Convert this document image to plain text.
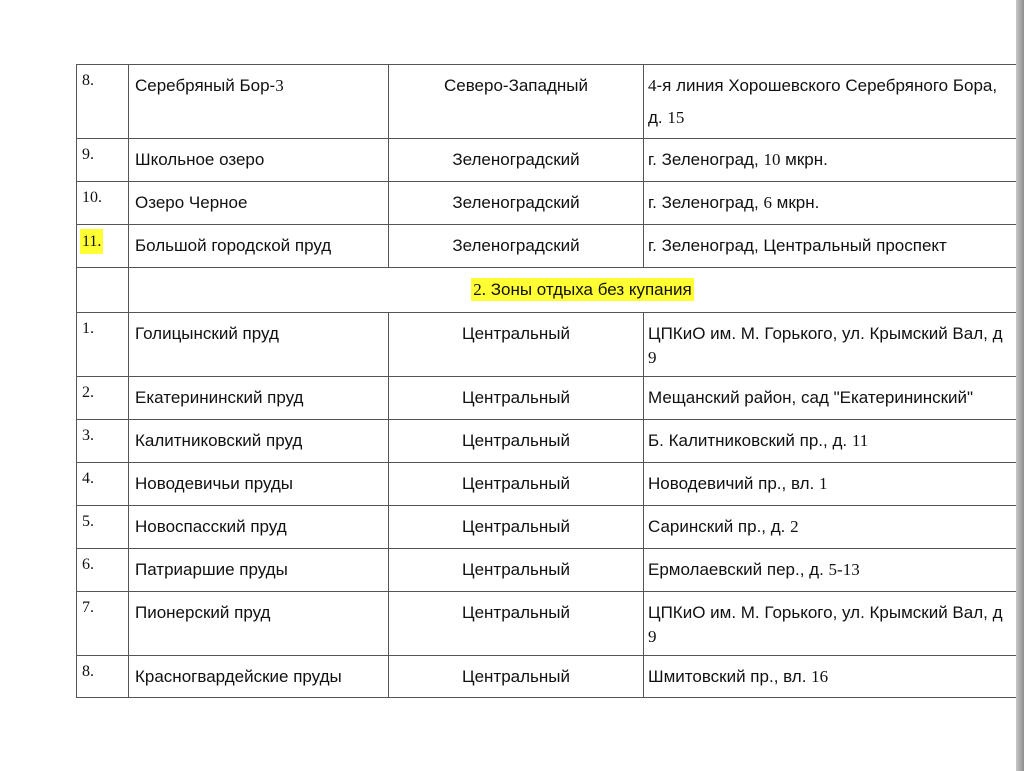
8.	Серебряный Бор-3	Северо-Западный	4-я линия Хорошевского Серебряного Бора,
д. 15

9.	Школьное озеро	Зеленоградский	г. Зеленоград, 10 мкрн.

10.	Озеро Черное	Зеленоградский	г. Зеленоград, 6 мкрн.

11.	Большой городской пруд	Зеленоградский	г. Зеленоград, Центральный проспект

	2. Зоны отдыха без купания		

1.	Голицынский пруд	Центральный	ЦПКиО им. М. Горького, ул. Крымский Вал, д
9

2.	Екатерининский пруд	Центральный	Мещанский район, сад "Екатерининский"

3.	Калитниковский пруд	Центральный	Б. Калитниковский пр., д. 11

4.	Новодевичьи пруды	Центральный	Новодевичий пр., вл. 1

5.	Новоспасский пруд	Центральный	Саринский пр., д. 2

6.	Патриаршие пруды	Центральный	Ермолаевский пер., д. 5-13

7.	Пионерский пруд	Центральный	ЦПКиО им. М. Горького, ул. Крымский Вал, д
9

8.	Красногвардейские пруды	Центральный	Шмитовский пр., вл. 16
